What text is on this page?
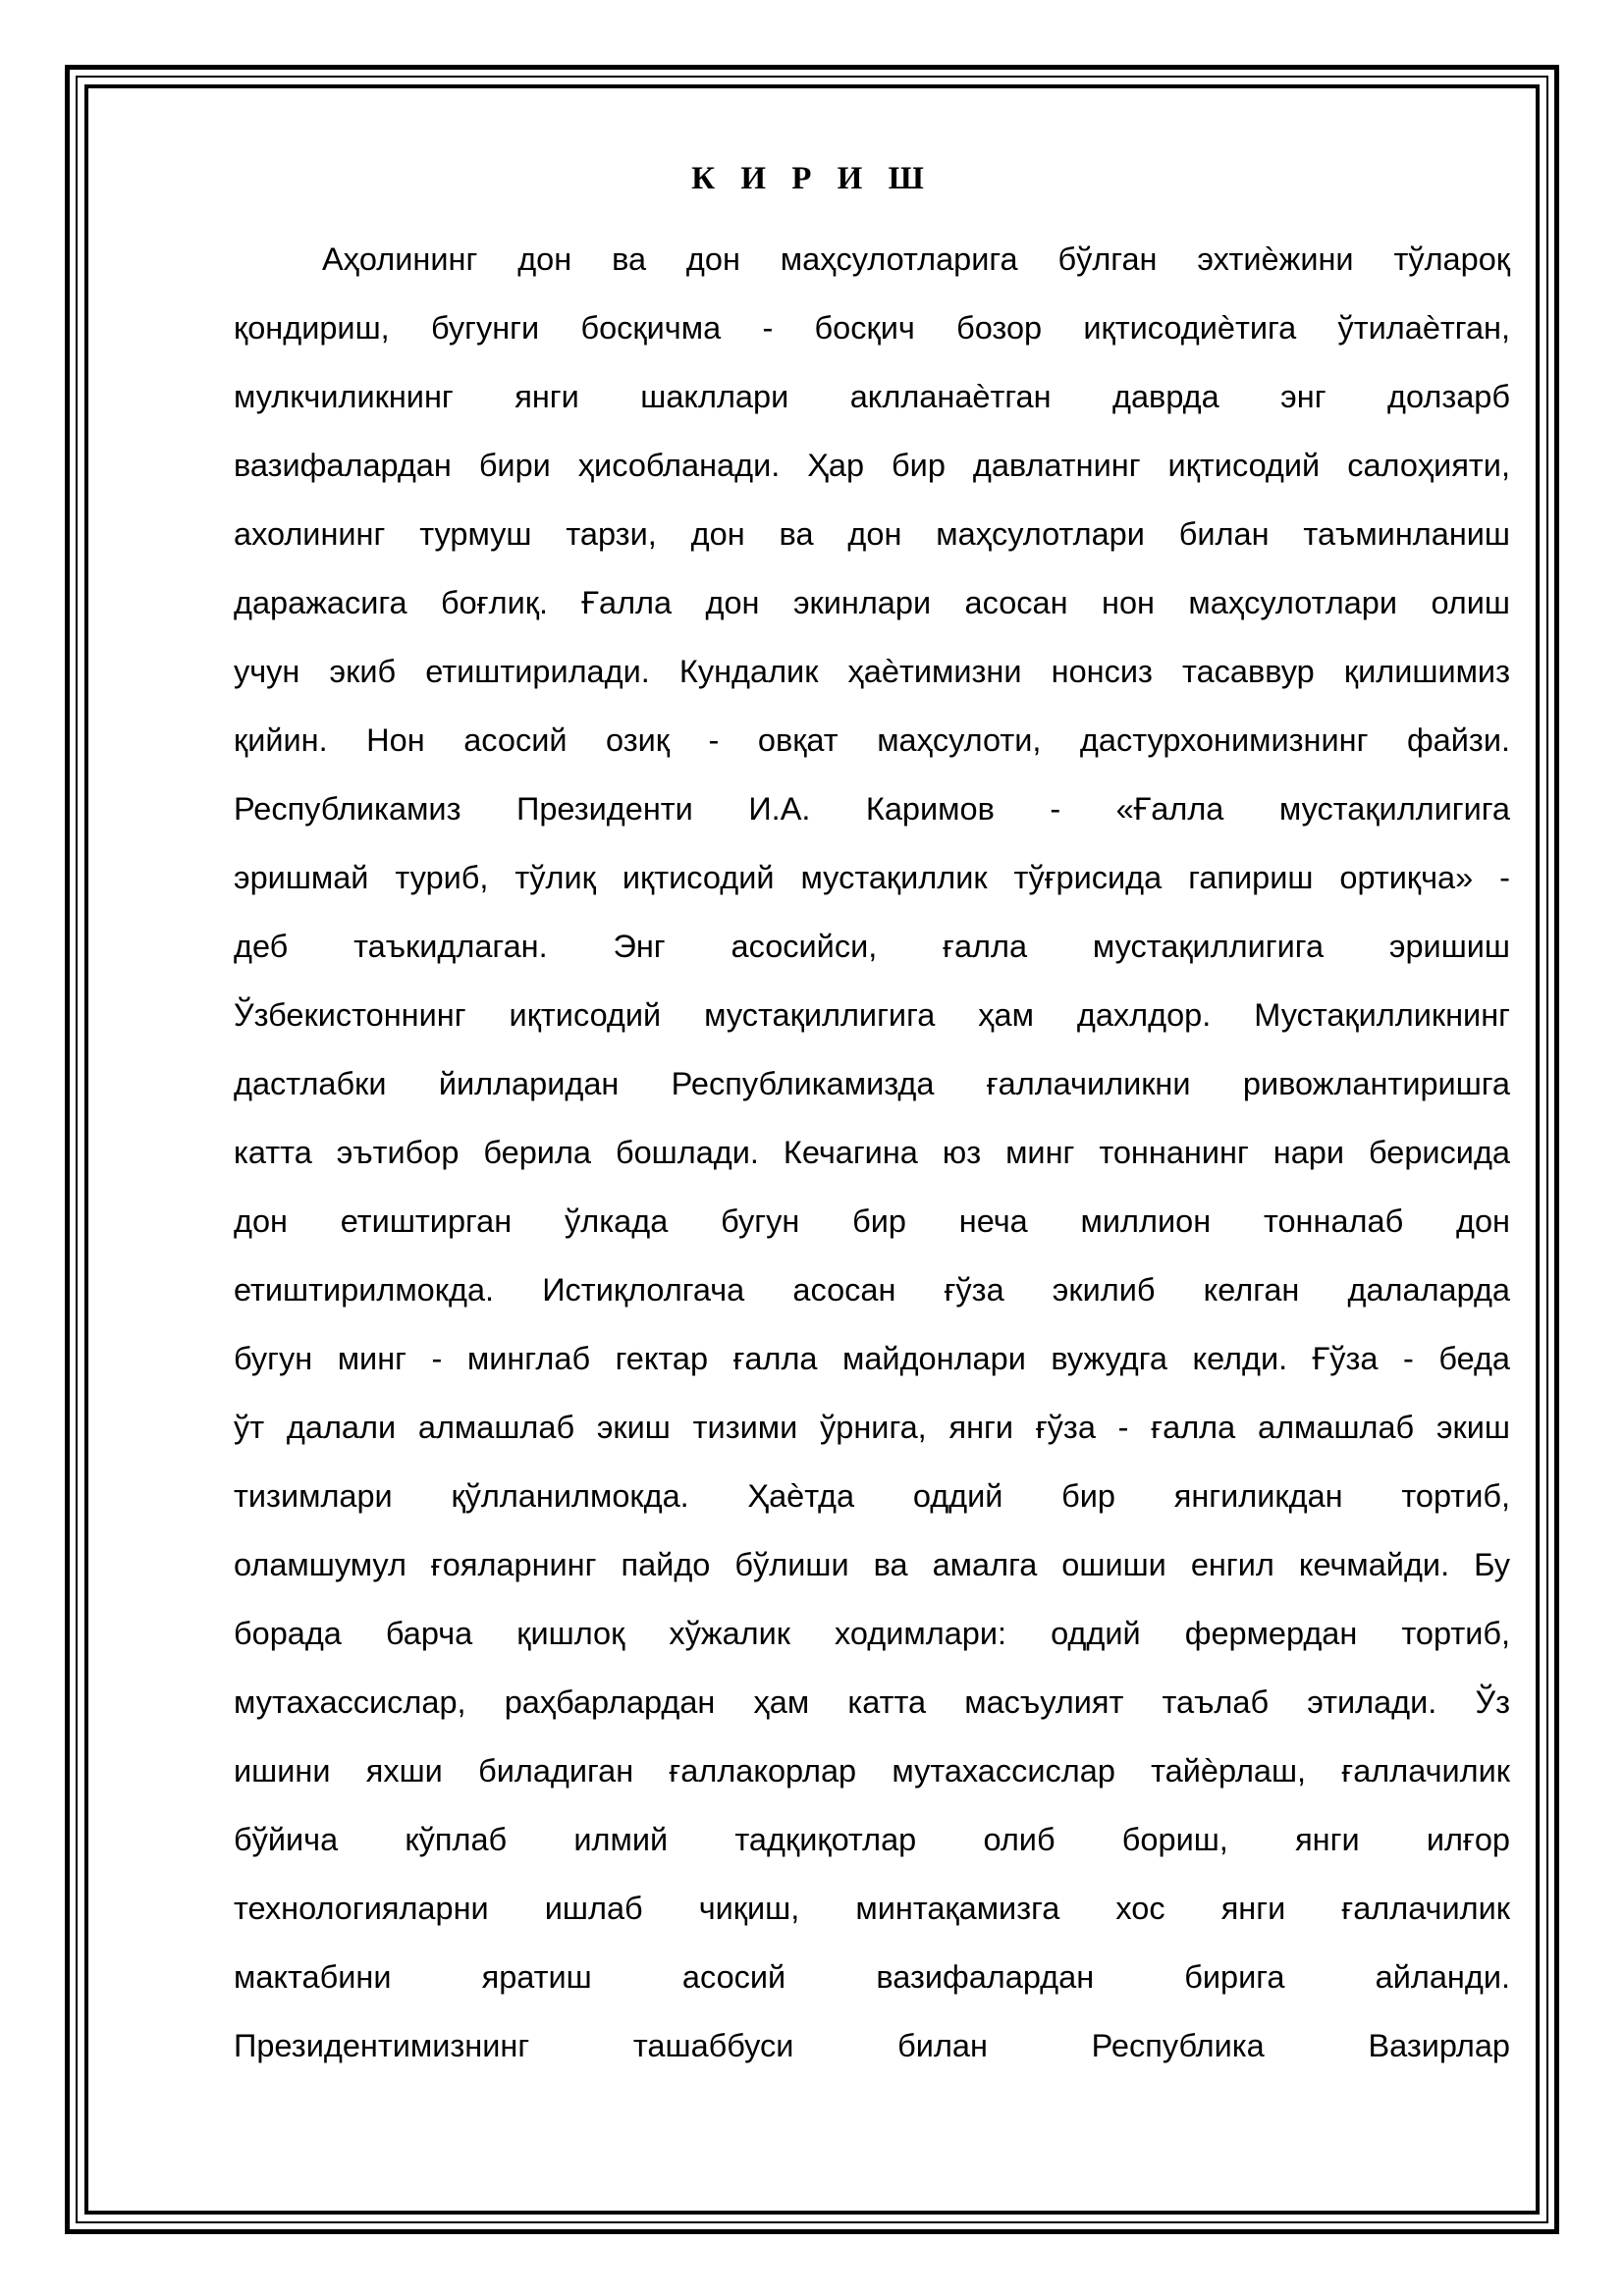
К И Р И Ш
Аҳолининг дон ва дон маҳсулотларига бўлган эхтиѐжини тўлароқ
қондириш, бугунги босқичма - босқич бозор иқтисодиѐтига ўтилаѐтган,
мулкчиликнинг янги шакллари аклланаѐтган даврда энг долзарб
вазифалардан бири ҳисобланади. Ҳар бир давлатнинг иқтисодий салоҳияти,
ахолининг турмуш тарзи, дон ва дон маҳсулотлари билан таъминланиш
даражасига боғлиқ. Ғалла дон экинлари асосан нон маҳсулотлари олиш
учун экиб етиштирилади. Кундалик ҳаѐтимизни нонсиз тасаввур қилишимиз
қийин. Нон асосий озиқ - овқат маҳсулоти, дастурхонимизнинг файзи.
Республикамиз Президенти И.А. Каримов - «Ғалла мустақиллигига
эришмай туриб, тўлиқ иқтисодий мустақиллик тўғрисида гапириш ортиқча» -
деб таъкидлаган. Энг асосийси, ғалла мустақиллигига эришиш
Ўзбекистоннинг иқтисодий мустақиллигига ҳам дахлдор. Мустақилликнинг
дастлабки йилларидан Республикамизда ғаллачиликни ривожлантиришга
катта эътибор берила бошлади. Кечагина юз минг тоннанинг нари берисида
дон етиштирган ўлкада бугун бир неча миллион тонналаб дон
етиштирилмокда. Истиқлолгача асосан ғўза экилиб келган далаларда
бугун минг - минглаб гектар ғалла майдонлари вужудга келди. Ғўза - беда
ўт далали алмашлаб экиш тизими ўрнига, янги ғўза - ғалла алмашлаб экиш
тизимлари қўлланилмокда. Ҳаѐтда оддий бир янгиликдан тортиб,
оламшумул ғояларнинг пайдо бўлиши ва амалга ошиши енгил кечмайди. Бу
борада барча қишлоқ хўжалик ходимлари: оддий фермердан тортиб,
мутахассислар, раҳбарлардан ҳам катта масъулият таълаб этилади. Ўз
ишини яхши биладиган ғаллакорлар мутахассислар тайѐрлаш, ғаллачилик
бўйича кўплаб илмий тадқиқотлар олиб бориш, янги илғор
технологияларни ишлаб чиқиш, минтақамизга хос янги ғаллачилик
мактабини яратиш асосий вазифалардан бирига айланди.
Президентимизнинг ташаббуси билан Республика Вазирлар
